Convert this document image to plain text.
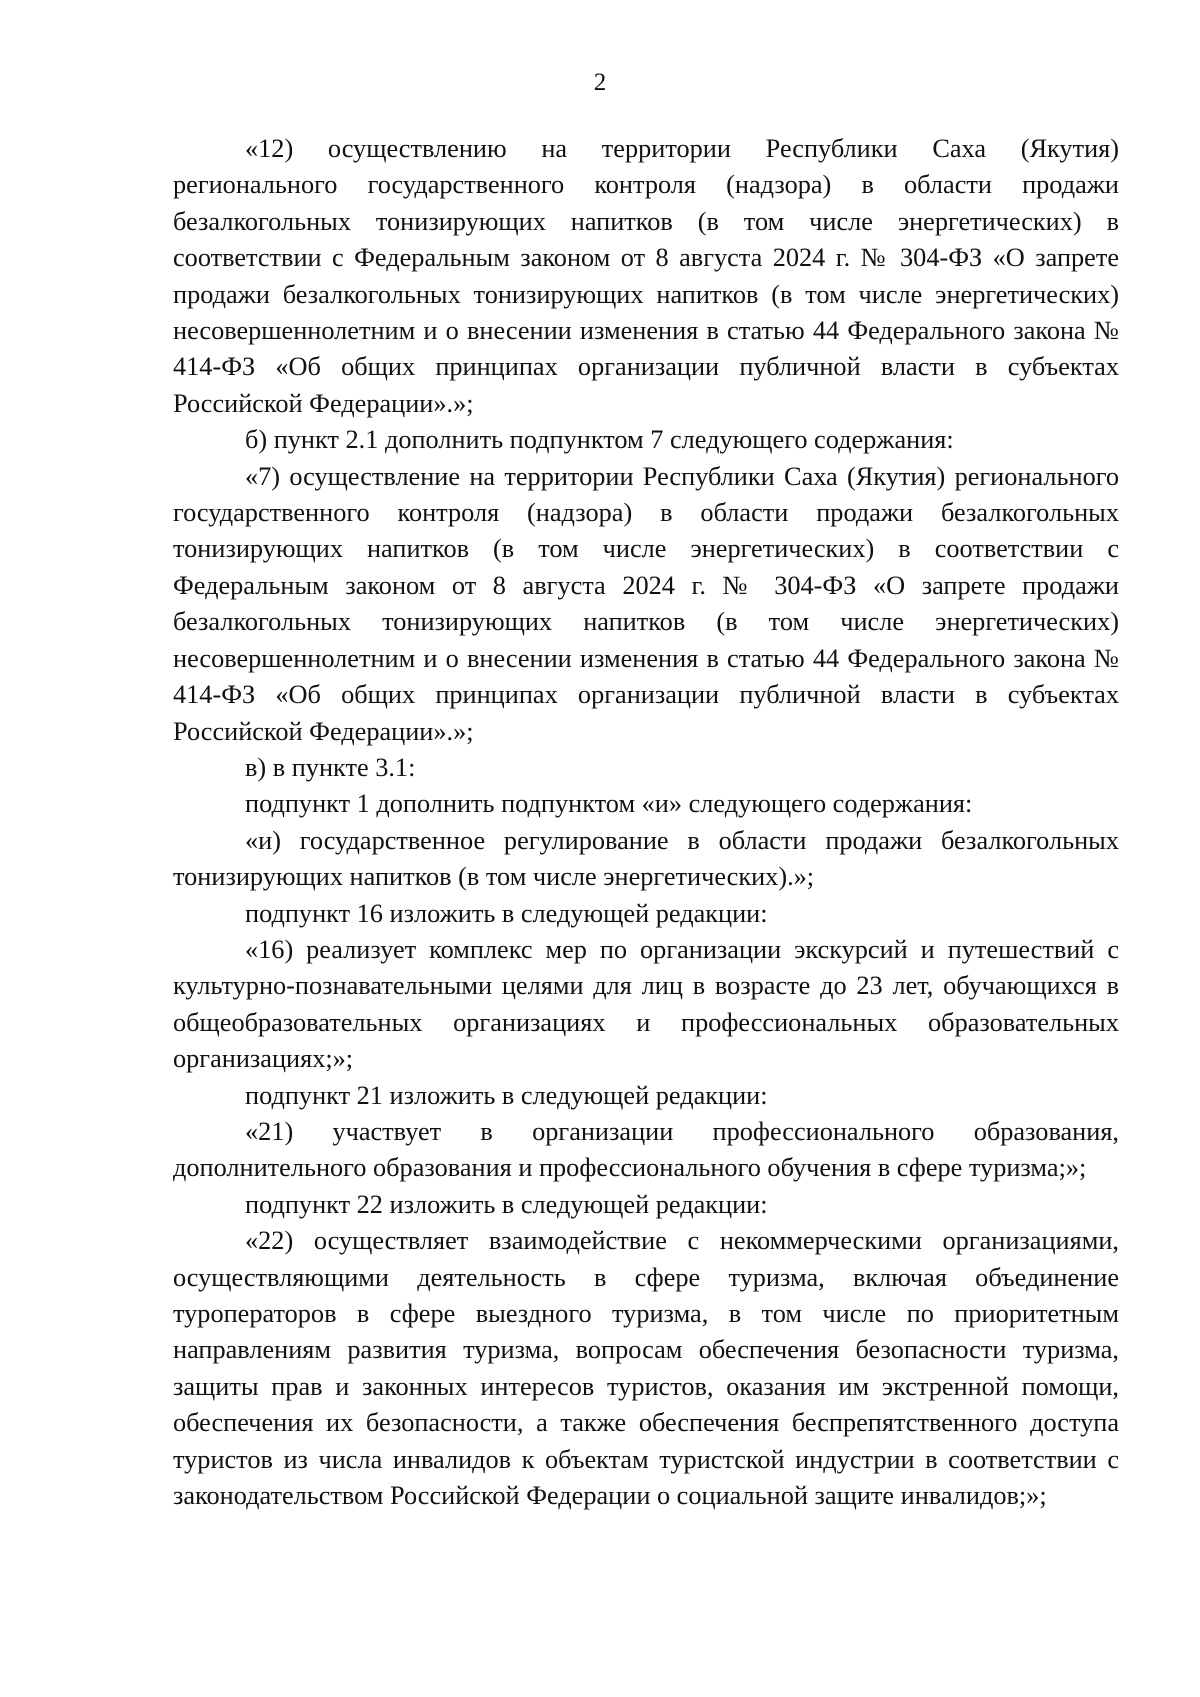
2

«12) осуществлению на территории Республики Саха (Якутия) регионального государственного контроля (надзора) в области продажи безалкогольных тонизирующих напитков (в том числе энергетических) в соответствии с Федеральным законом от 8 августа 2024 г. № 304-ФЗ «О запрете продажи безалкогольных тонизирующих напитков (в том числе энергетических) несовершеннолетним и о внесении изменения в статью 44 Федерального закона № 414-ФЗ «Об общих принципах организации публичной власти в субъектах Российской Федерации».»;

б) пункт 2.1 дополнить подпунктом 7 следующего содержания:

«7) осуществление на территории Республики Саха (Якутия) регионального государственного контроля (надзора) в области продажи безалкогольных тонизирующих напитков (в том числе энергетических) в соответствии с Федеральным законом от 8 августа 2024 г. № 304-ФЗ «О запрете продажи безалкогольных тонизирующих напитков (в том числе энергетических) несовершеннолетним и о внесении изменения в статью 44 Федерального закона № 414-ФЗ «Об общих принципах организации публичной власти в субъектах Российской Федерации».»;

в) в пункте 3.1:

подпункт 1 дополнить подпунктом «и» следующего содержания:

«и) государственное регулирование в области продажи безалкогольных тонизирующих напитков (в том числе энергетических).»;

подпункт 16 изложить в следующей редакции:

«16) реализует комплекс мер по организации экскурсий и путешествий с культурно-познавательными целями для лиц в возрасте до 23 лет, обучающихся в общеобразовательных организациях и профессиональных образовательных организациях;»;

подпункт 21 изложить в следующей редакции:

«21) участвует в организации профессионального образования, дополнительного образования и профессионального обучения в сфере туризма;»;

подпункт 22 изложить в следующей редакции:

«22) осуществляет взаимодействие с некоммерческими организациями, осуществляющими деятельность в сфере туризма, включая объединение туроператоров в сфере выездного туризма, в том числе по приоритетным направлениям развития туризма, вопросам обеспечения безопасности туризма, защиты прав и законных интересов туристов, оказания им экстренной помощи, обеспечения их безопасности, а также обеспечения беспрепятственного доступа туристов из числа инвалидов к объектам туристской индустрии в соответствии с законодательством Российской Федерации о социальной защите инвалидов;»;
